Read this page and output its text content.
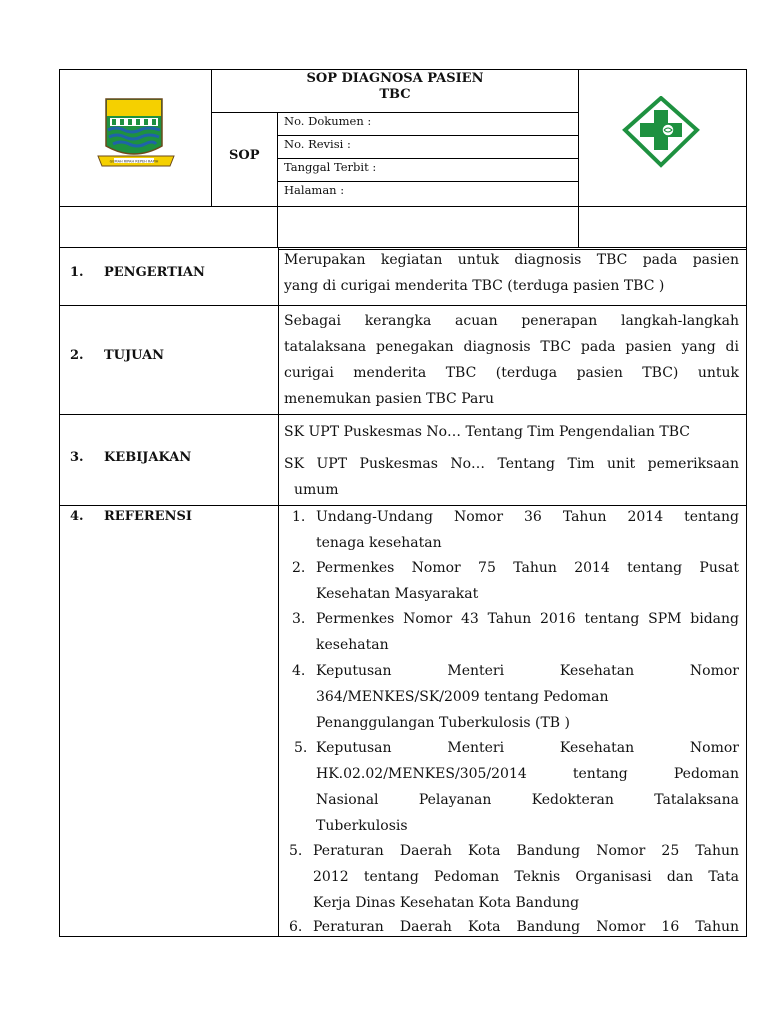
GEMAH RIPAH REPEH RAPIH
SOP DIAGNOSA PASIEN
TBC
SOP
No. Dokumen :
No. Revisi :
Tanggal Terbit :
Halaman :
1. PENGERTIAN
Merupakan kegiatan untuk diagnosis TBC pada pasien
yang di curigai menderita TBC (terduga pasien TBC )
2. TUJUAN
Sebagai kerangka acuan penerapan langkah-langkah
tatalaksana penegakan diagnosis TBC pada pasien yang di
curigai menderita TBC (terduga pasien TBC) untuk
menemukan pasien TBC Paru
3. KEBIJAKAN
SK UPT Puskesmas No… Tentang Tim Pengendalian TBC
SK UPT Puskesmas No… Tentang Tim unit pemeriksaan
umum
4. REFERENSI	1. Undang-Undang Nomor 36 Tahun 2014 tentang
tenaga kesehatan
2. Permenkes Nomor 75 Tahun 2014 tentang Pusat
Kesehatan Masyarakat
3. Permenkes Nomor 43 Tahun 2016 tentang SPM bidang
kesehatan
4. Keputusan Menteri Kesehatan Nomor
364/MENKES/SK/2009 tentang Pedoman
Penanggulangan Tuberkulosis (TB )
5. Keputusan Menteri Kesehatan Nomor
HK.02.02/MENKES/305/2014 tentang Pedoman
Nasional Pelayanan Kedokteran Tatalaksana
Tuberkulosis
5. Peraturan Daerah Kota Bandung Nomor 25 Tahun
2012 tentang Pedoman Teknis Organisasi dan Tata
Kerja Dinas Kesehatan Kota Bandung
6. Peraturan Daerah Kota Bandung Nomor 16 Tahun
